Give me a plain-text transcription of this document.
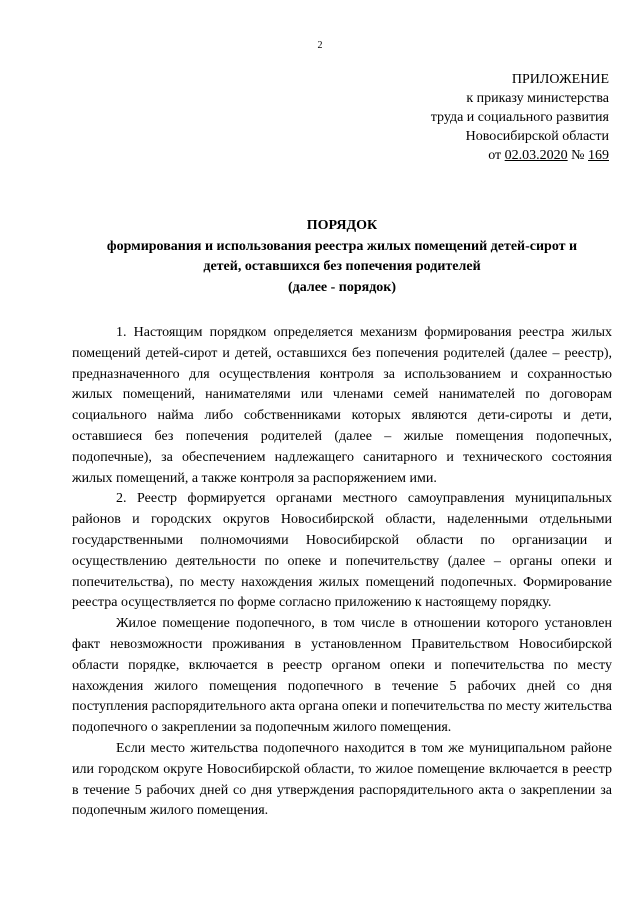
2
ПРИЛОЖЕНИЕ
к приказу министерства
труда и социального развития
Новосибирской области
от 02.03.2020 № 169
ПОРЯДОК
формирования и использования реестра жилых помещений детей-сирот и
детей, оставшихся без попечения родителей
(далее - порядок)

1. Настоящим порядком определяется механизм формирования реестра жилых помещений детей-сирот и детей, оставшихся без попечения родителей (далее – реестр), предназначенного для осуществления контроля за использованием и сохранностью жилых помещений, нанимателями или членами семей нанимателей по договорам социального найма либо собственниками которых являются дети-сироты и дети, оставшиеся без попечения родителей (далее – жилые помещения подопечных, подопечные), за обеспечением надлежащего санитарного и технического состояния жилых помещений, а также контроля за распоряжением ими.

2. Реестр формируется органами местного самоуправления муниципальных районов и городских округов Новосибирской области, наделенными отдельными государственными полномочиями Новосибирской области по организации и осуществлению деятельности по опеке и попечительству (далее – органы опеки и попечительства), по месту нахождения жилых помещений подопечных. Формирование реестра осуществляется по форме согласно приложению к настоящему порядку.

Жилое помещение подопечного, в том числе в отношении которого установлен факт невозможности проживания в установленном Правительством Новосибирской области порядке, включается в реестр органом опеки и попечительства по месту нахождения жилого помещения подопечного в течение 5 рабочих дней со дня поступления распорядительного акта органа опеки и попечительства по месту жительства подопечного о закреплении за подопечным жилого помещения.

Если место жительства подопечного находится в том же муниципальном районе или городском округе Новосибирской области, то жилое помещение включается в реестр в течение 5 рабочих дней со дня утверждения распорядительного акта о закреплении за подопечным жилого помещения.
